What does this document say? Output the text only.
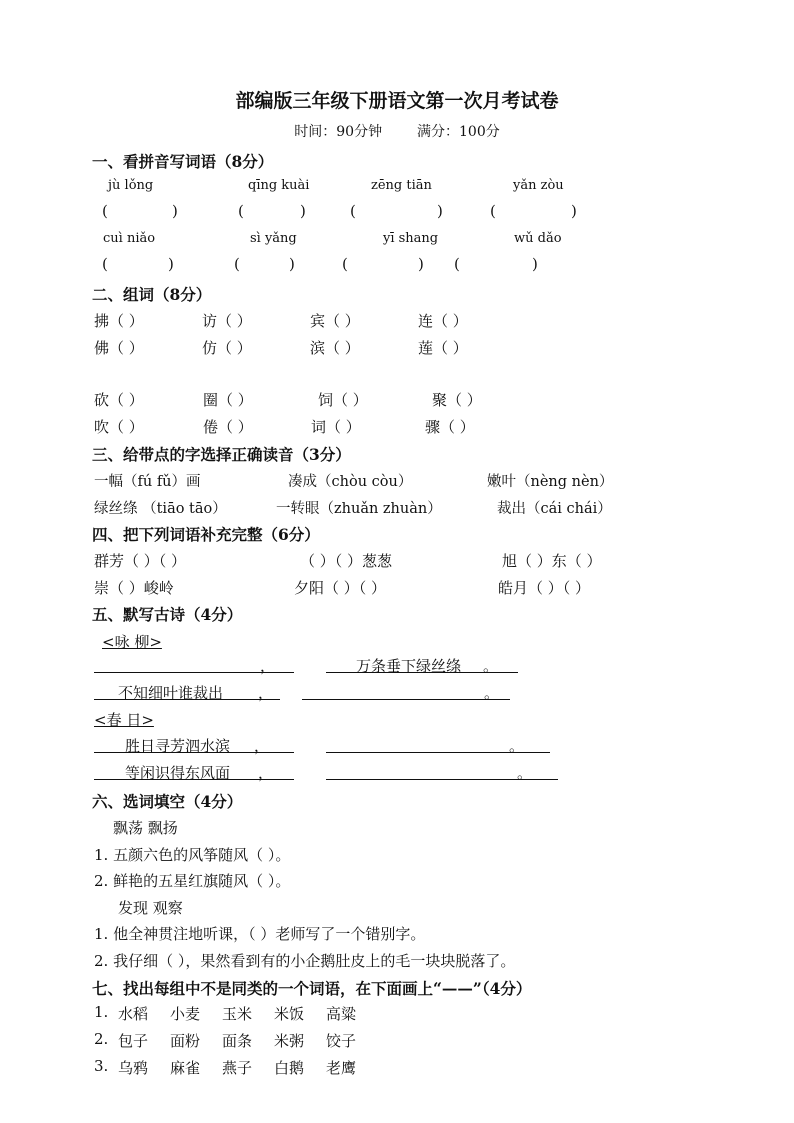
部编版三年级下册语文第一次月考试卷
时间：90分钟 满分：100分
一、看拼音写词语（8分）
jù lǒng	qīng kuài	zēng tiān	yǎn zòu
(	)	(	)	(	)	(	)
cuì niǎo	sì yǎng	yī shang	wǔ dǎo
(	)	(	)	(	) (	)
二、组词（8分）
拂（ ）	访（ ）	宾（ ）	连（ ）
佛（ ）	仿（ ）	滨（ ）	莲（ ）
砍（ ）	圈（ ）	饲（ ）	聚（ ）
吹（ ）	倦（ ）	词（ ）	骤（ ）
三、给带点的字选择正确读音（3分）
一幅（fú fǔ）画	凑成（chòu còu）	嫩叶（nèng nèn）
绿丝绦 （tiāo tāo）	一转眼（zhuǎn zhuàn）	裁出（cái chái）
四、把下列词语补充完整（6分）
群芳（ ）（ ）	（ ）（ ）葱葱	旭（ ）东（ ）
崇（ ）峻岭	夕阳（ ）（ ）	皓月（ ）（ ）
五、默写古诗（4分）
<咏 柳>
，	万条垂下绿丝绦 。
不知细叶谁裁出 ，	。
<春 日>
胜日寻芳泗水滨 ，	。
等闲识得东风面 ，	。
六、选词填空（4分）
飘荡 飘扬
1. 五颜六色的风筝随风（ ）。
2. 鲜艳的五星红旗随风（ ）。
发现 观察
1. 他全神贯注地听课，（ ）老师写了一个错别字。
2. 我仔细（ ），果然看到有的小企鹅肚皮上的毛一块块脱落了。
七、找出每组中不是同类的一个词语，在下面画上“——”（4分）
1. 水稻 小麦 玉米 米饭 高粱
2. 包子 面粉 面条 米粥 饺子
3. 乌鸦 麻雀 燕子 白鹅 老鹰
